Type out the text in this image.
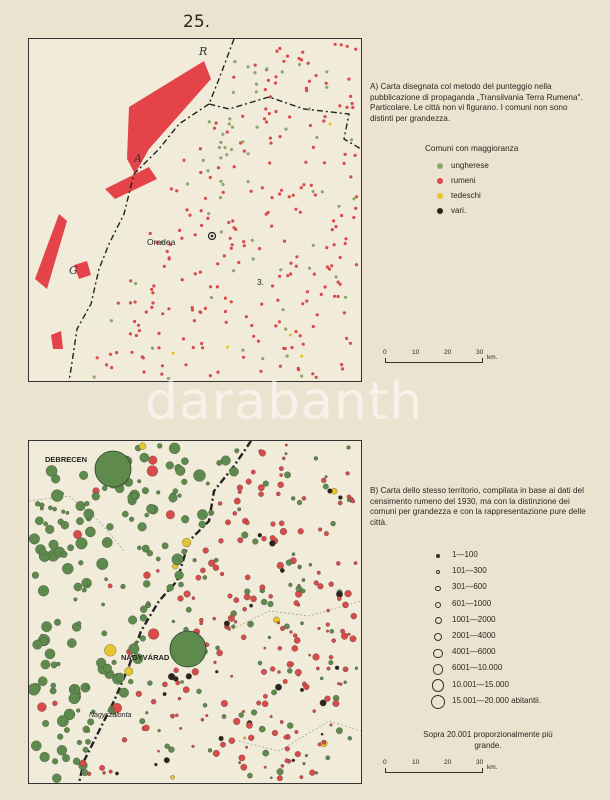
25.
R
A
G
Oradea
3.
A) Carta disegnata col metodo del punteggio nella pubblicazione di propaganda „Transilvania Terra Rumena". Particolare. Le città non vi figurano. I comuni non sono distinti per grandezza.
Comuni con maggioranza
ungherese
rumeni
tedeschi
vari.
0	10	20	30
km.
darabanth
DEBRECEN
NAGYVÁRAD
Nagyszalonta
B) Carta dello stesso territorio, compilata in base ai dati del censimento rumeno del 1930, ma con la distinzione dei comuni per grandezza e con la rappresentazione pure delle città.
1—100
101—300
301—600
601—1000
1001—2000
2001—4000
4001—6000
6001—10.000
10.001—15.000
15.001—20.000 abitantii.
Sopra 20.001 proporzionalmente più grande.
0	10	20	30
km.
